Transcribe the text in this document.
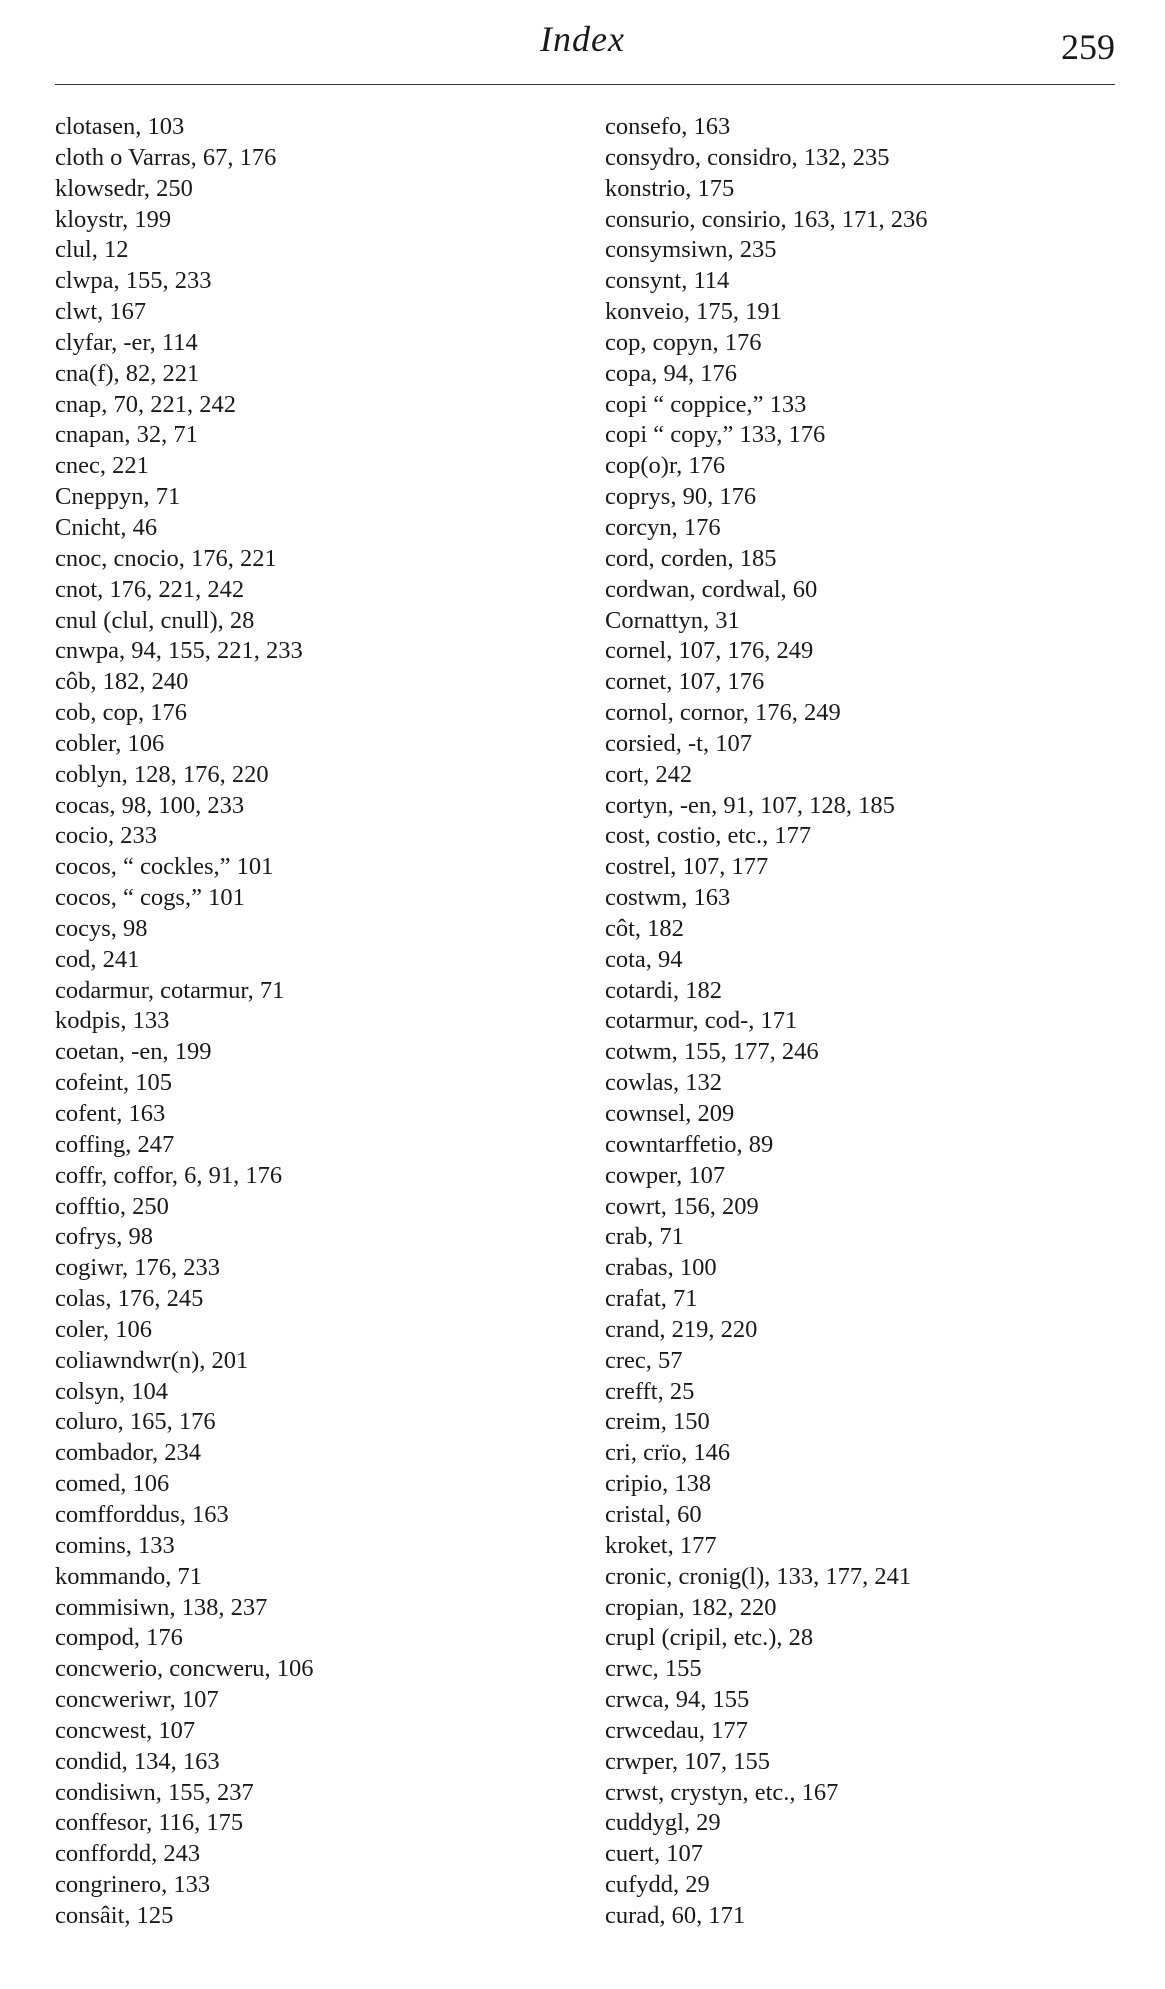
Index	259
clotasen, 103
cloth o Varras, 67, 176
klowsedr, 250
kloystr, 199
clul, 12
clwpa, 155, 233
clwt, 167
clyfar, -er, 114
cna(f), 82, 221
cnap, 70, 221, 242
cnapan, 32, 71
cnec, 221
Cneppyn, 71
Cnicht, 46
cnoc, cnocio, 176, 221
cnot, 176, 221, 242
cnul (clul, cnull), 28
cnwpa, 94, 155, 221, 233
côb, 182, 240
cob, cop, 176
cobler, 106
coblyn, 128, 176, 220
cocas, 98, 100, 233
cocio, 233
cocos, “ cockles,” 101
cocos, “ cogs,” 101
cocys, 98
cod, 241
codarmur, cotarmur, 71
kodpis, 133
coetan, -en, 199
cofeint, 105
cofent, 163
coffing, 247
coffr, coffor, 6, 91, 176
cofftio, 250
cofrys, 98
cogiwr, 176, 233
colas, 176, 245
coler, 106
coliawndwr(n), 201
colsyn, 104
coluro, 165, 176
combador, 234
comed, 106
comfforddus, 163
comins, 133
kommando, 71
commisiwn, 138, 237
compod, 176
concwerio, concweru, 106
concweriwr, 107
concwest, 107
condid, 134, 163
condisiwn, 155, 237
conffesor, 116, 175
conffordd, 243
congrinero, 133
consâit, 125
consefo, 163
consydro, considro, 132, 235
konstrio, 175
consurio, consirio, 163, 171, 236
consymsiwn, 235
consynt, 114
konveio, 175, 191
cop, copyn, 176
copa, 94, 176
copi “ coppice,” 133
copi “ copy,” 133, 176
cop(o)r, 176
coprys, 90, 176
corcyn, 176
cord, corden, 185
cordwan, cordwal, 60
Cornattyn, 31
cornel, 107, 176, 249
cornet, 107, 176
cornol, cornor, 176, 249
corsied, -t, 107
cort, 242
cortyn, -en, 91, 107, 128, 185
cost, costio, etc., 177
costrel, 107, 177
costwm, 163
côt, 182
cota, 94
cotardi, 182
cotarmur, cod-, 171
cotwm, 155, 177, 246
cowlas, 132
cownsel, 209
cowntarffetio, 89
cowper, 107
cowrt, 156, 209
crab, 71
crabas, 100
crafat, 71
crand, 219, 220
crec, 57
crefft, 25
creim, 150
cri, crïo, 146
cripio, 138
cristal, 60
kroket, 177
cronic, cronig(l), 133, 177, 241
cropian, 182, 220
crupl (cripil, etc.), 28
crwc, 155
crwca, 94, 155
crwcedau, 177
crwper, 107, 155
crwst, crystyn, etc., 167
cuddygl, 29
cuert, 107
cufydd, 29
curad, 60, 171
